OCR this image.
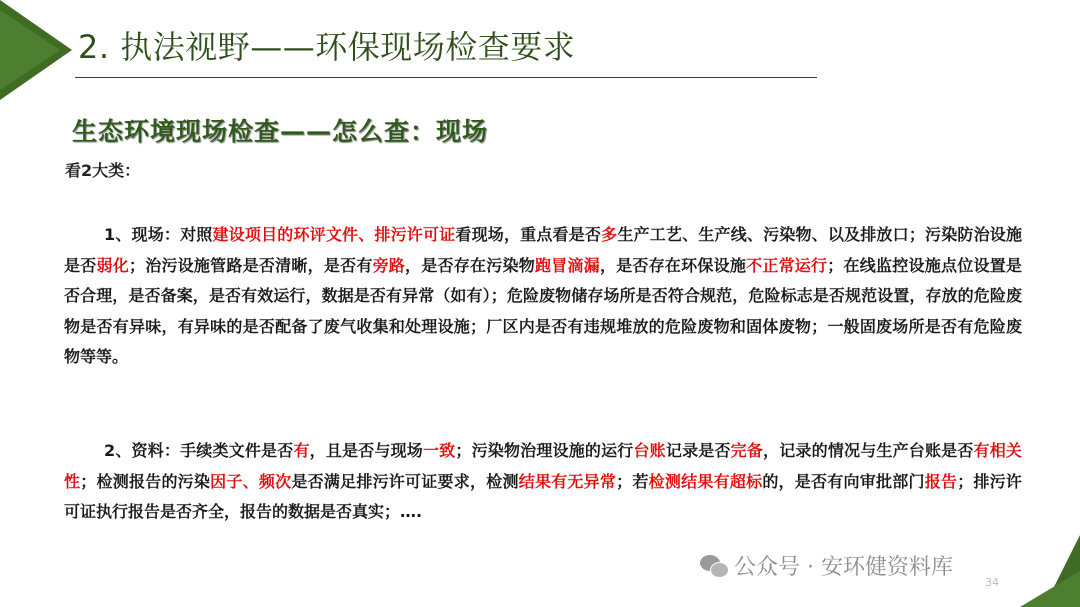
2. 执法视野——环保现场检查要求
生态环境现场检查——怎么查：现场
看2大类：
1、现场：对照建设项目的环评文件、排污许可证看现场，重点看是否多生产工艺、生产线、污染物、以及排放口；污染防治设施是否弱化；治污设施管路是否清晰，是否有旁路，是否存在污染物跑冒滴漏，是否存在环保设施不正常运行；在线监控设施点位设置是否合理，是否备案，是否有效运行，数据是否有异常（如有）；危险废物储存场所是否符合规范，危险标志是否规范设置，存放的危险废物是否有异味，有异味的是否配备了废气收集和处理设施；厂区内是否有违规堆放的危险废物和固体废物；一般固废场所是否有危险废物等等。
2、资料：手续类文件是否有，且是否与现场一致；污染物治理设施的运行台账记录是否完备，记录的情况与生产台账是否有相关性；检测报告的污染因子、频次是否满足排污许可证要求，检测结果有无异常；若检测结果有超标的，是否有向审批部门报告；排污许可证执行报告是否齐全，报告的数据是否真实；….
公众号 · 安环健资料库
34
